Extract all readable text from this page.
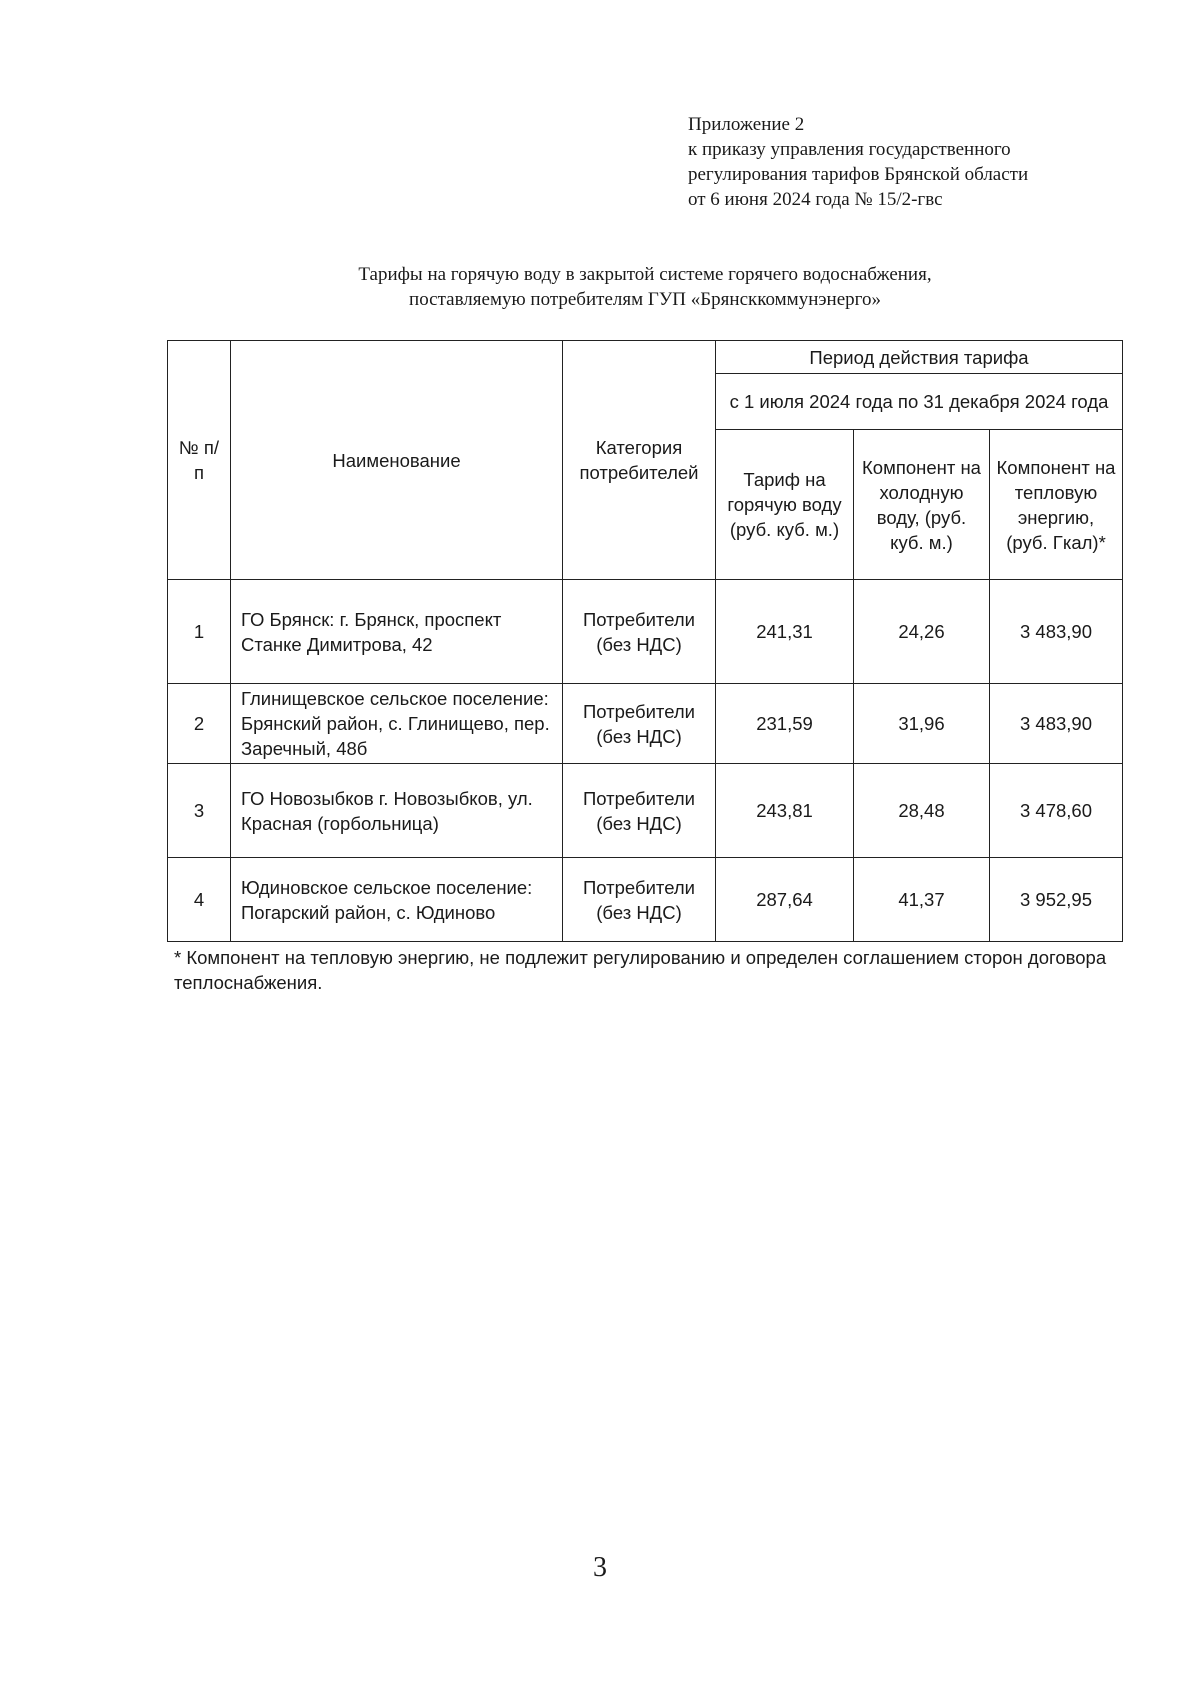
Приложение 2
к приказу управления государственного
регулирования тарифов Брянской области
от 6 июня 2024 года № 15/2-гвс
Тарифы на горячую воду в закрытой системе горячего водоснабжения,
поставляемую потребителям ГУП «Брянсккоммунэнерго»
№ п/п	Наименование	Категория потребителей	Период действия тарифа		
			с 1 июля 2024 года по 31 декабря 2024 года		
			Тариф на горячую воду (руб. куб. м.)	Компонент на холодную воду, (руб. куб. м.)	Компонент на тепловую энергию, (руб. Гкал)*
1	ГО Брянск: г. Брянск, проспект Станке Димитрова, 42	Потребители (без НДС)	241,31	24,26	3 483,90
2	Глинищевское сельское поселение: Брянский район, с. Глинищево, пер. Заречный, 48б	Потребители (без НДС)	231,59	31,96	3 483,90
3	ГО Новозыбков г. Новозыбков, ул. Красная (горбольница)	Потребители (без НДС)	243,81	28,48	3 478,60
4	Юдиновское сельское поселение: Погарский район, с. Юдиново	Потребители (без НДС)	287,64	41,37	3 952,95
* Компонент на тепловую энергию, не подлежит регулированию и определен соглашением сторон договора теплоснабжения.
3
